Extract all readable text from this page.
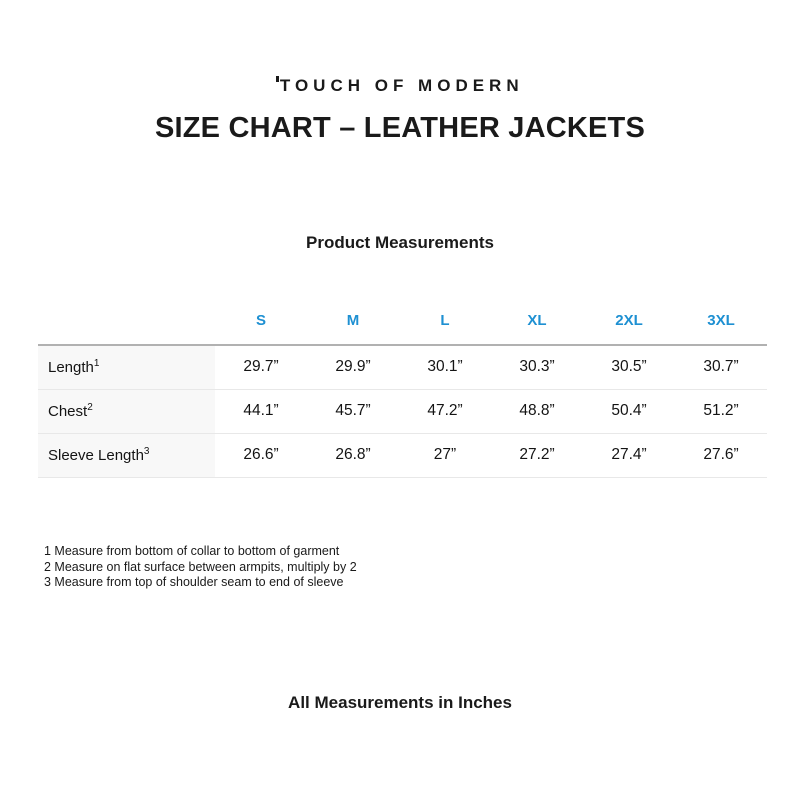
TOUCH OF MODERN
SIZE CHART – LEATHER JACKETS
Product Measurements
	S	M	L	XL	2XL	3XL
Length$^1$	29.7”	29.9”	30.1”	30.3”	30.5”	30.7”
Chest$^2$	44.1”	45.7”	47.2”	48.8”	50.4”	51.2”
Sleeve Length$^3$	26.6”	26.8”	27”	27.2”	27.4”	27.6”
1 Measure from bottom of collar to bottom of garment
2 Measure on flat surface between armpits, multiply by 2
3 Measure from top of shoulder seam to end of sleeve
All Measurements in Inches
